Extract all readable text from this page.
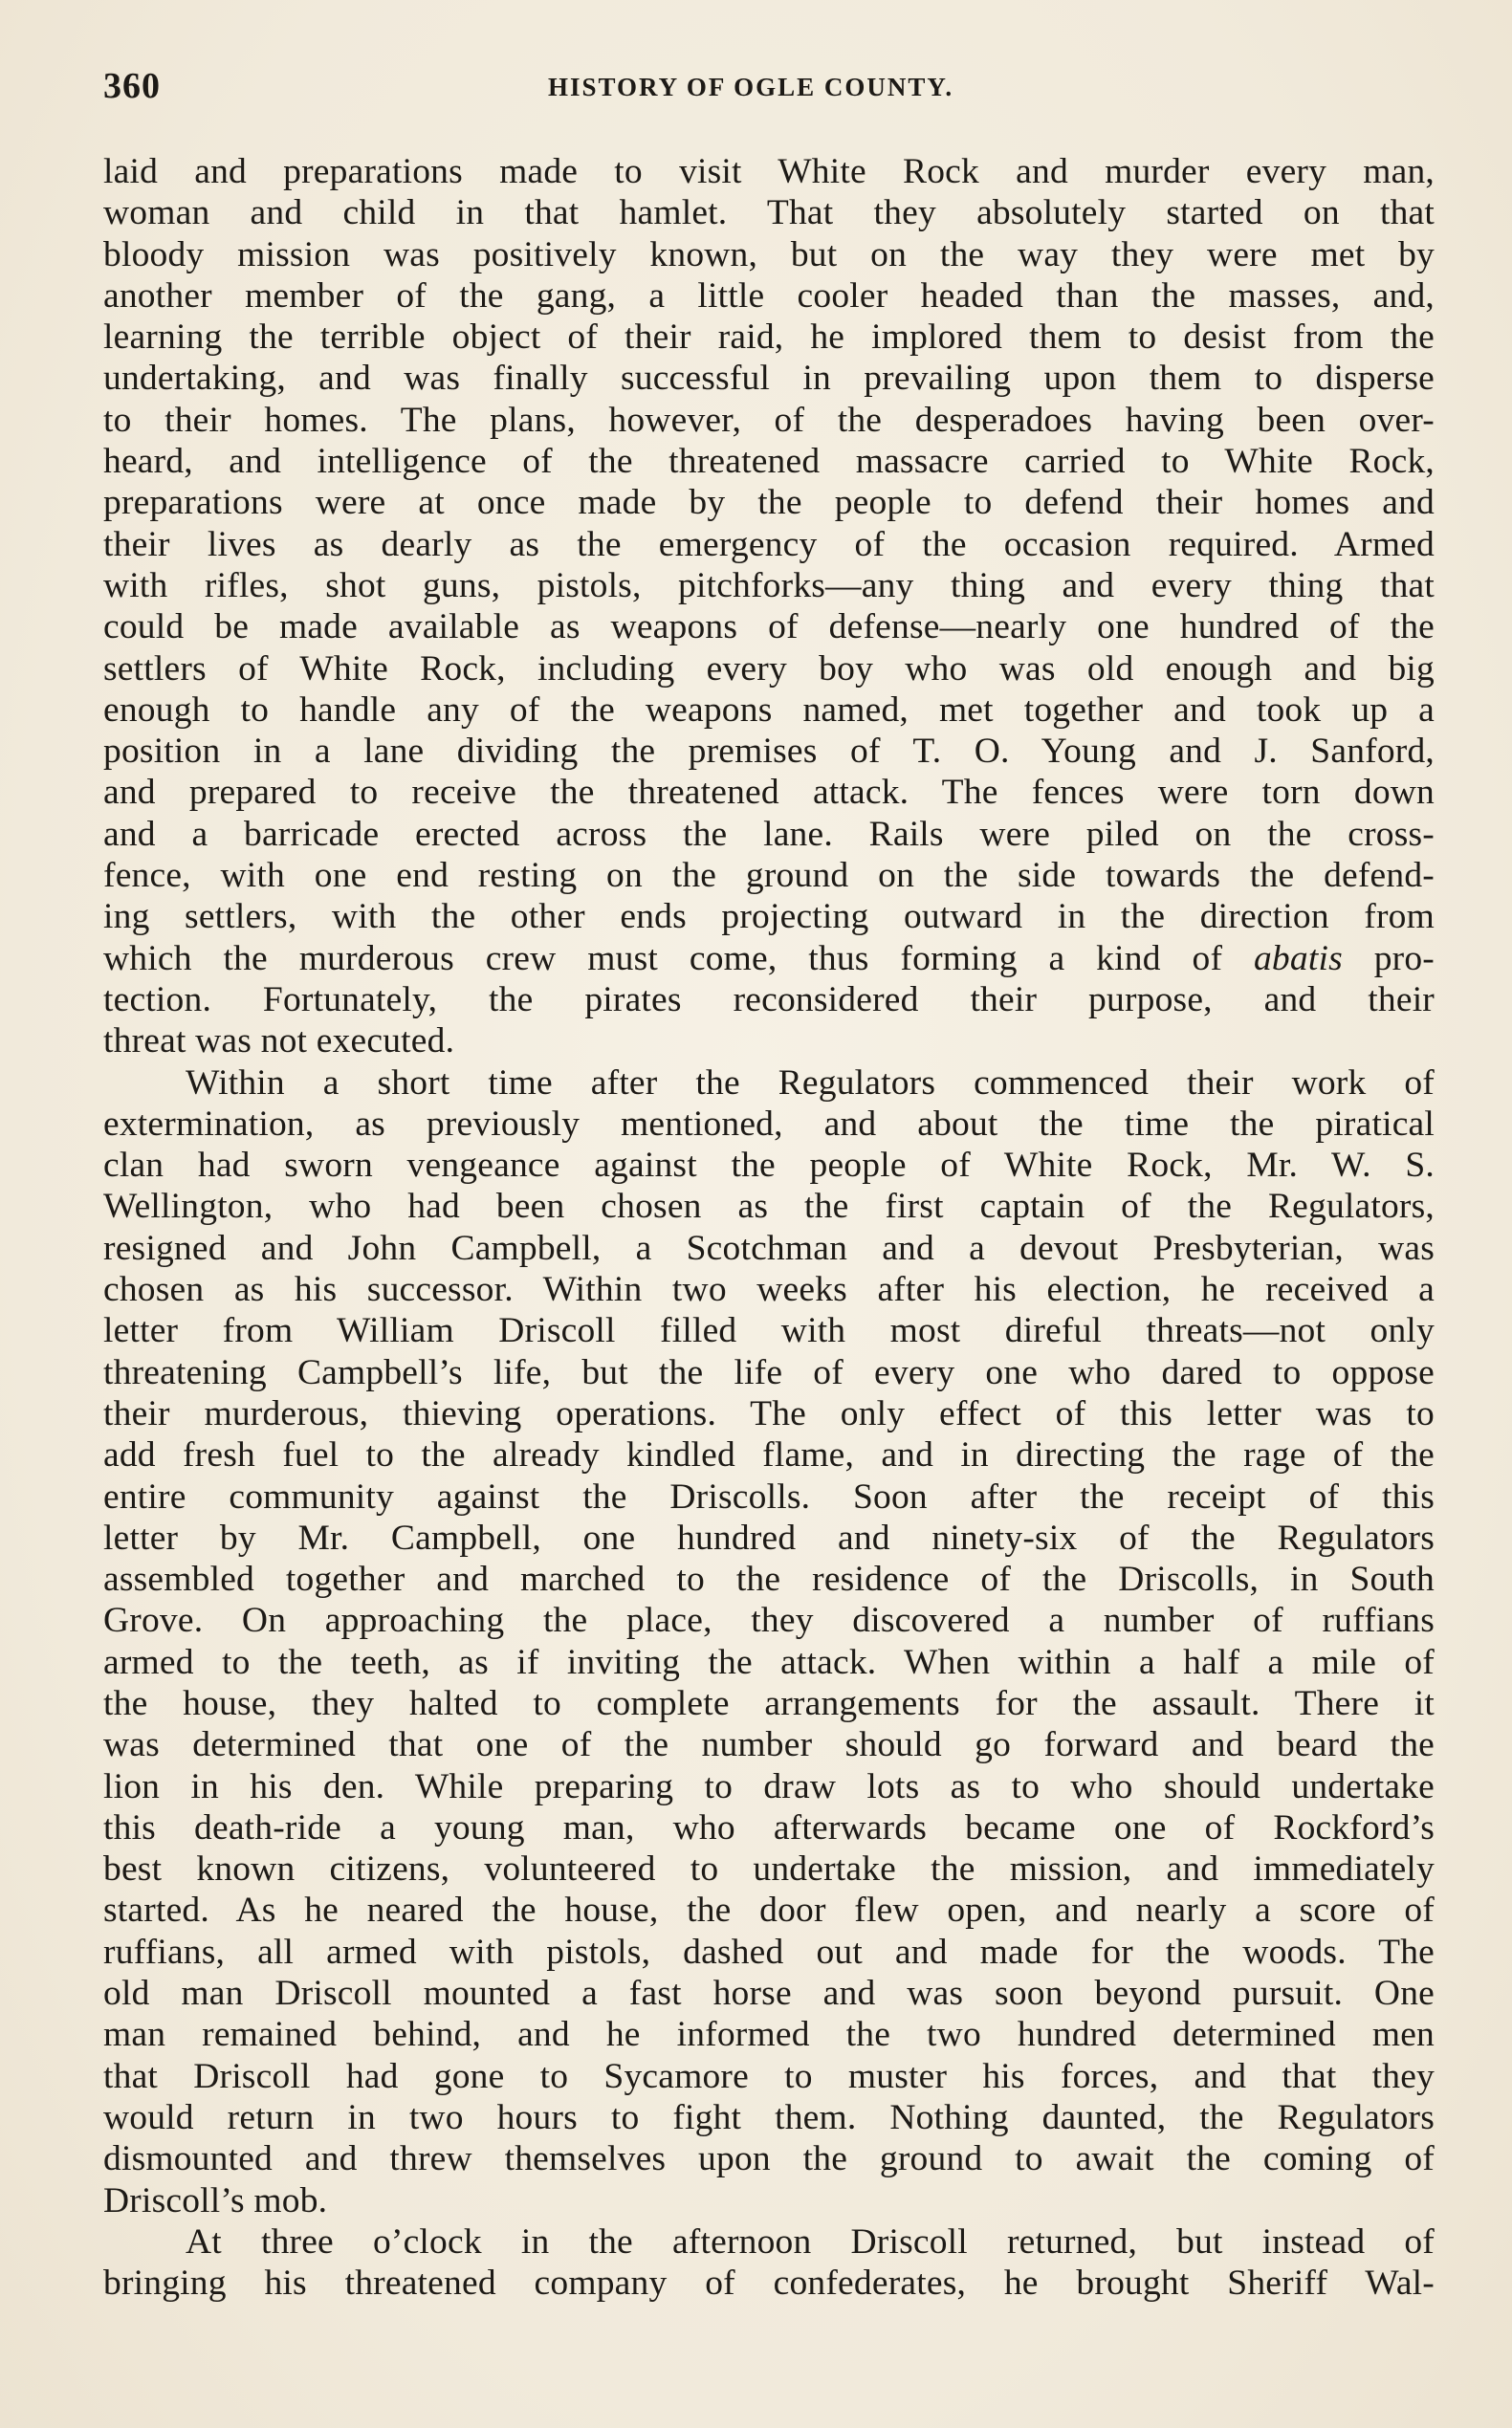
360	HISTORY OF OGLE COUNTY.
laid and preparations made to visit White Rock and murder every man,
woman and child in that hamlet. That they absolutely started on that
bloody mission was positively known, but on the way they were met by
another member of the gang, a little cooler headed than the masses, and,
learning the terrible object of their raid, he implored them to desist from the
undertaking, and was finally successful in prevailing upon them to disperse
to their homes. The plans, however, of the desperadoes having been over-
heard, and intelligence of the threatened massacre carried to White Rock,
preparations were at once made by the people to defend their homes and
their lives as dearly as the emergency of the occasion required. Armed
with rifles, shot guns, pistols, pitchforks—any thing and every thing that
could be made available as weapons of defense—nearly one hundred of the
settlers of White Rock, including every boy who was old enough and big
enough to handle any of the weapons named, met together and took up a
position in a lane dividing the premises of T. O. Young and J. Sanford,
and prepared to receive the threatened attack. The fences were torn down
and a barricade erected across the lane. Rails were piled on the cross-
fence, with one end resting on the ground on the side towards the defend-
ing settlers, with the other ends projecting outward in the direction from
which the murderous crew must come, thus forming a kind of abatis pro-
tection. Fortunately, the pirates reconsidered their purpose, and their
threat was not executed.
Within a short time after the Regulators commenced their work of
extermination, as previously mentioned, and about the time the piratical
clan had sworn vengeance against the people of White Rock, Mr. W. S.
Wellington, who had been chosen as the first captain of the Regulators,
resigned and John Campbell, a Scotchman and a devout Presbyterian, was
chosen as his successor. Within two weeks after his election, he received a
letter from William Driscoll filled with most direful threats—not only
threatening Campbell’s life, but the life of every one who dared to oppose
their murderous, thieving operations. The only effect of this letter was to
add fresh fuel to the already kindled flame, and in directing the rage of the
entire community against the Driscolls. Soon after the receipt of this
letter by Mr. Campbell, one hundred and ninety-six of the Regulators
assembled together and marched to the residence of the Driscolls, in South
Grove. On approaching the place, they discovered a number of ruffians
armed to the teeth, as if inviting the attack. When within a half a mile of
the house, they halted to complete arrangements for the assault. There it
was determined that one of the number should go forward and beard the
lion in his den. While preparing to draw lots as to who should undertake
this death-ride a young man, who afterwards became one of Rockford’s
best known citizens, volunteered to undertake the mission, and immediately
started. As he neared the house, the door flew open, and nearly a score of
ruffians, all armed with pistols, dashed out and made for the woods. The
old man Driscoll mounted a fast horse and was soon beyond pursuit. One
man remained behind, and he informed the two hundred determined men
that Driscoll had gone to Sycamore to muster his forces, and that they
would return in two hours to fight them. Nothing daunted, the Regulators
dismounted and threw themselves upon the ground to await the coming of
Driscoll’s mob.
At three o’clock in the afternoon Driscoll returned, but instead of
bringing his threatened company of confederates, he brought Sheriff Wal-
